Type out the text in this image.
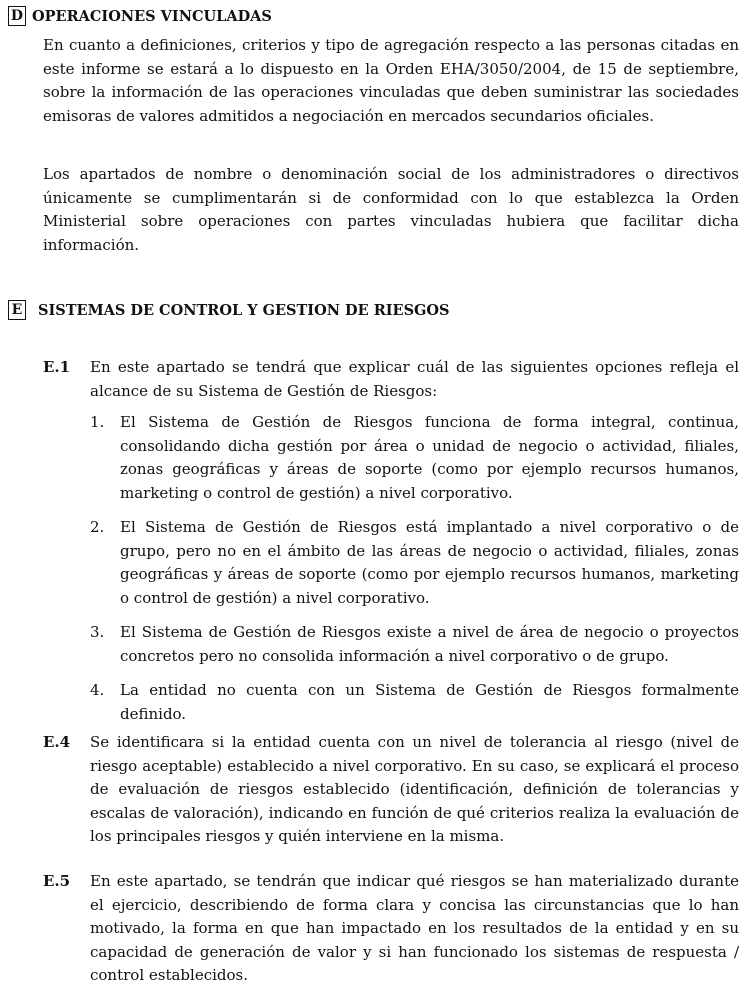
D OPERACIONES VINCULADAS

En cuanto a definiciones, criterios y tipo de agregación respecto a las personas citadas en este informe se estará a lo dispuesto en la Orden EHA/3050/2004, de 15 de septiembre, sobre la información de las operaciones vinculadas que deben suministrar las sociedades emisoras de valores admitidos a negociación en mercados secundarios oficiales.

Los apartados de nombre o denominación social de los administradores o directivos únicamente se cumplimentarán si de conformidad con lo que establezca la Orden Ministerial sobre operaciones con partes vinculadas hubiera que facilitar dicha información.

E SISTEMAS DE CONTROL Y GESTION DE RIESGOS
E.1 En este apartado se tendrá que explicar cuál de las siguientes opciones refleja el alcance de su Sistema de Gestión de Riesgos:

1. El Sistema de Gestión de Riesgos funciona de forma integral, continua, consolidando dicha gestión por área o unidad de negocio o actividad, filiales, zonas geográficas y áreas de soporte (como por ejemplo recursos humanos, marketing o control de gestión) a nivel corporativo.
2. El Sistema de Gestión de Riesgos está implantado a nivel corporativo o de grupo, pero no en el ámbito de las áreas de negocio o actividad, filiales, zonas geográficas y áreas de soporte (como por ejemplo recursos humanos, marketing o control de gestión) a nivel corporativo.
3. El Sistema de Gestión de Riesgos existe a nivel de área de negocio o proyectos concretos pero no consolida información a nivel corporativo o de grupo.
4. La entidad no cuenta con un Sistema de Gestión de Riesgos formalmente definido.
E.4 Se identificara si la entidad cuenta con un nivel de tolerancia al riesgo (nivel de riesgo aceptable) establecido a nivel corporativo. En su caso, se explicará el proceso de evaluación de riesgos establecido (identificación, definición de tolerancias y escalas de valoración), indicando en función de qué criterios realiza la evaluación de los principales riesgos y quién interviene en la misma.

E.5 En este apartado, se tendrán que indicar qué riesgos se han materializado durante el ejercicio, describiendo de forma clara y concisa las circunstancias que lo han motivado, la forma en que han impactado en los resultados de la entidad y en su capacidad de generación de valor y si han funcionado los sistemas de respuesta / control establecidos.
